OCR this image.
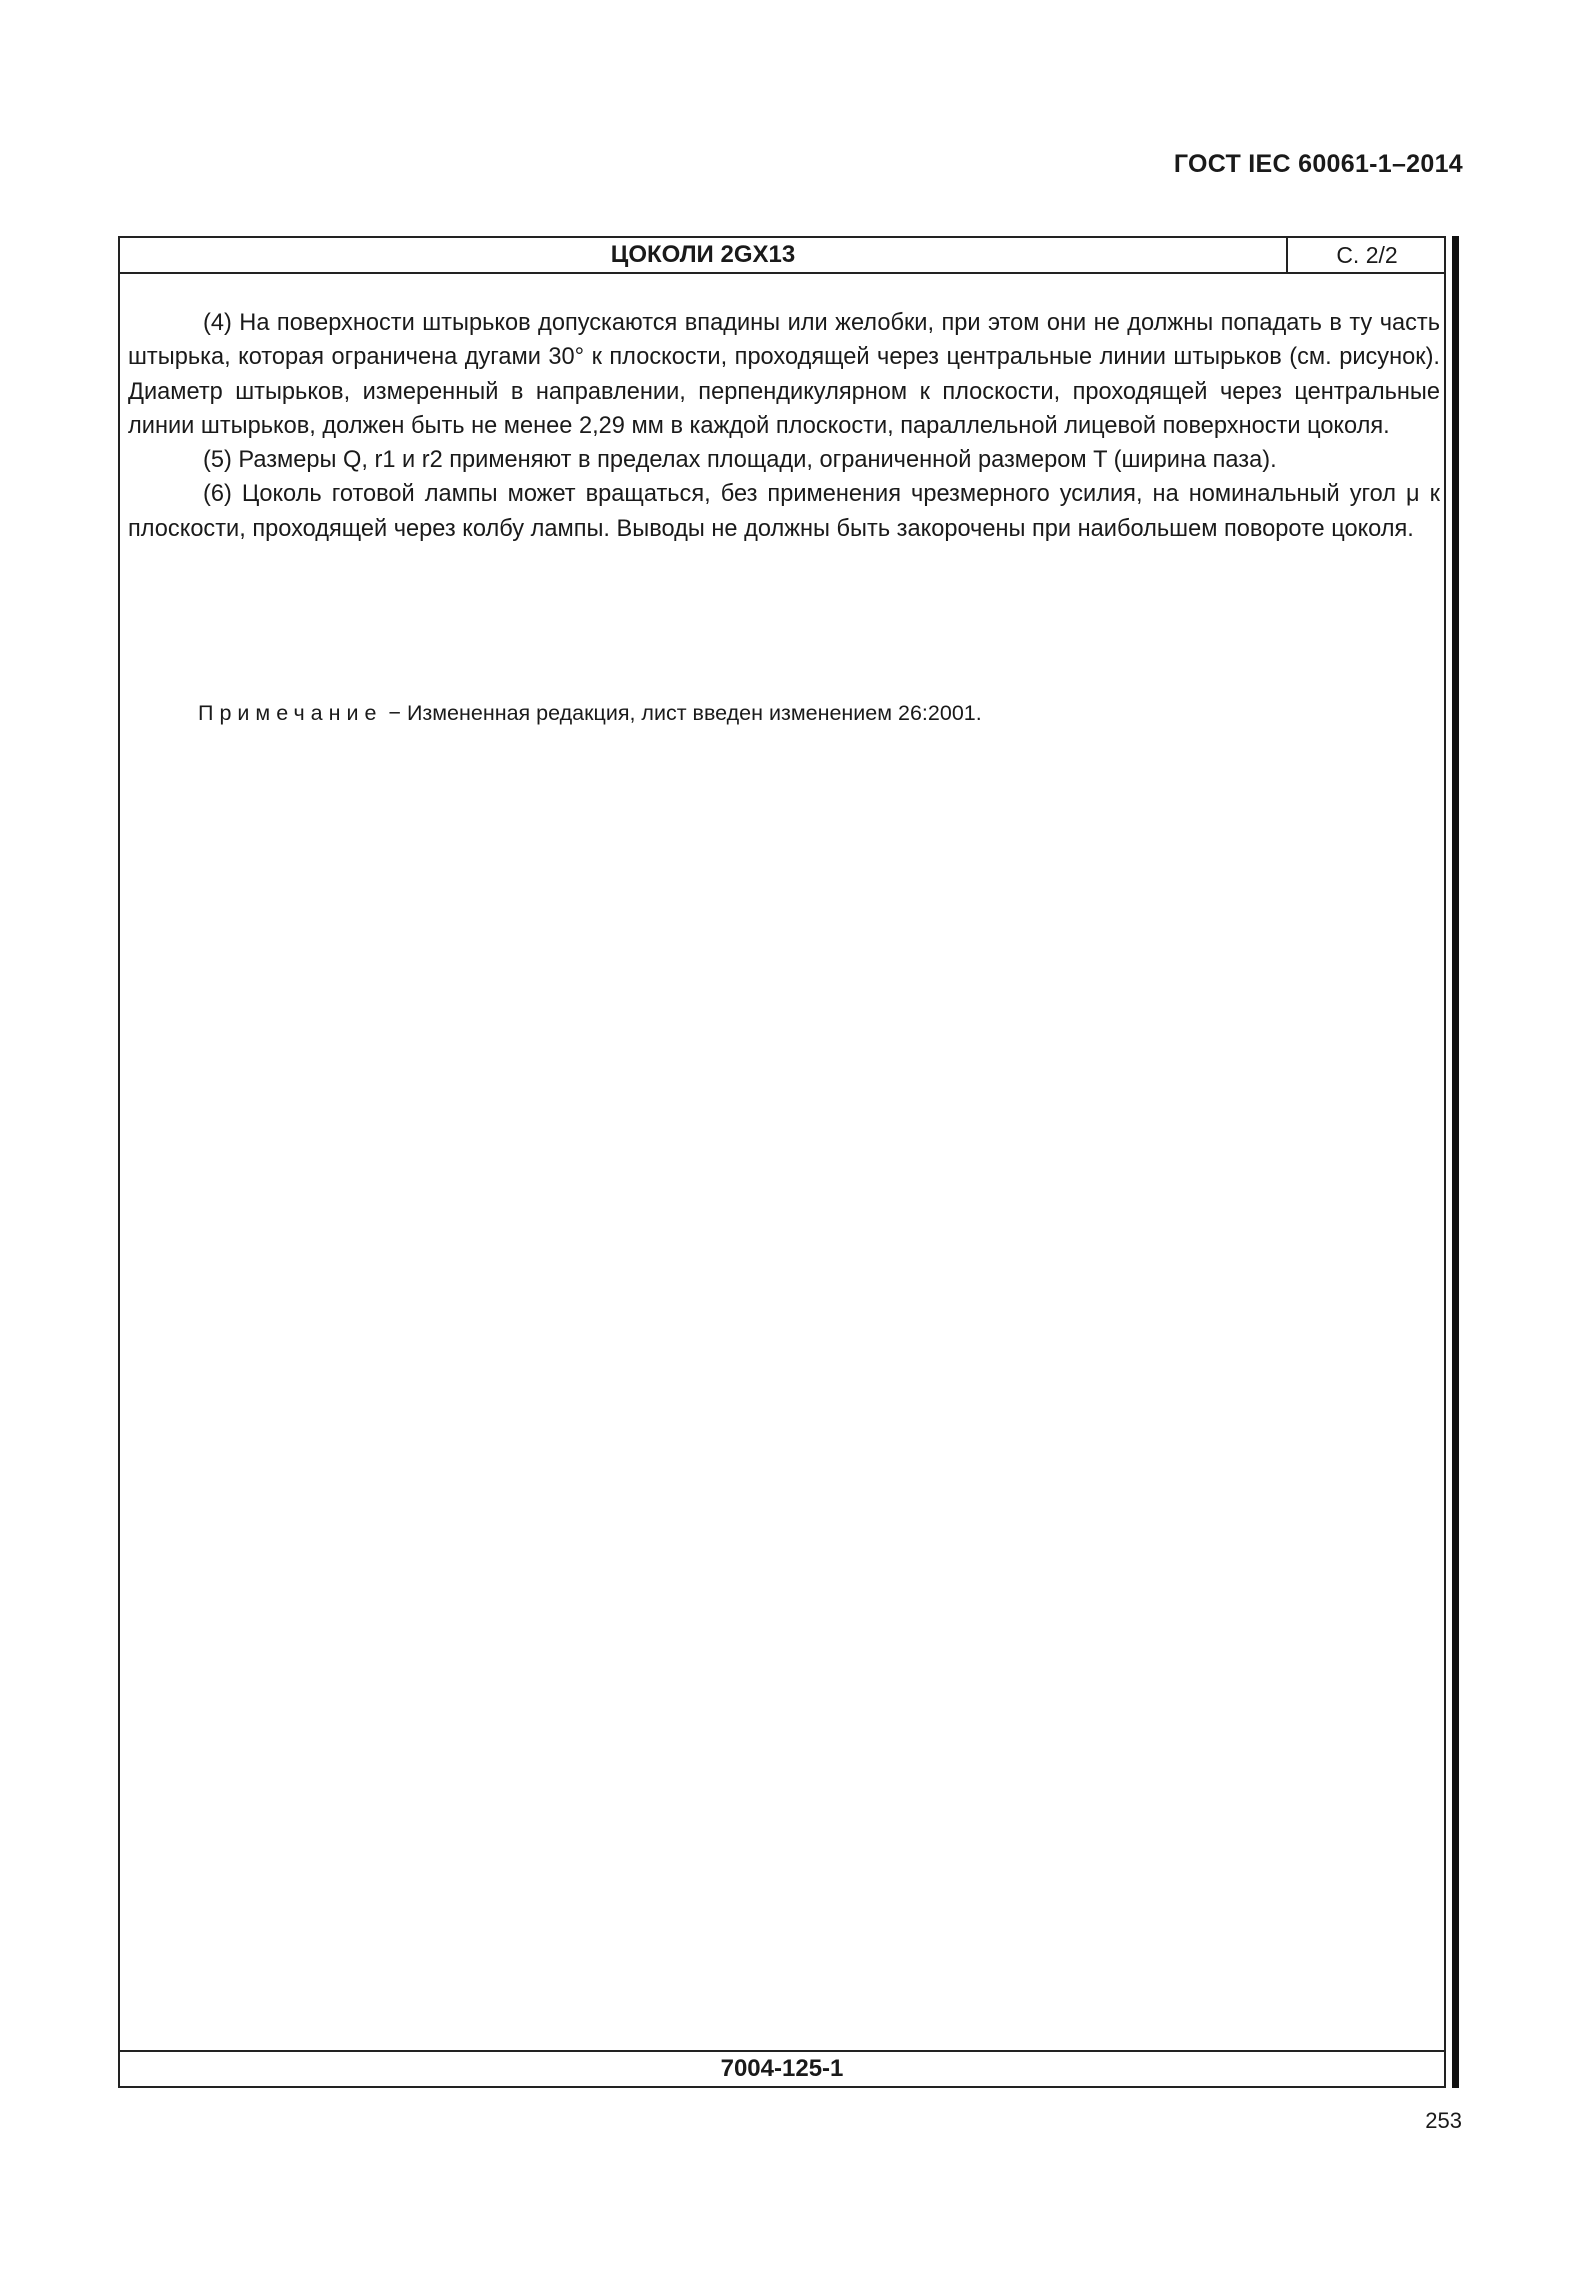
ГОСТ IEC 60061-1–2014
ЦОКОЛИ 2GX13	С. 2/2

(4) На поверхности штырьков допускаются впадины или желобки, при этом они не должны попадать в ту часть штырька, которая ограничена дугами 30° к плоскости, проходящей через центральные линии штырьков (см. рисунок). Диаметр штырьков, измеренный в направлении, перпендикулярном к плоскости, проходящей через центральные линии штырьков, должен быть не менее 2,29 мм в каждой плоскости, параллельной лицевой поверхности цоколя.

(5) Размеры Q, r1 и r2 применяют в пределах площади, ограниченной размером T (ширина паза).

(6) Цоколь готовой лампы может вращаться, без применения чрезмерного усилия, на номинальный угол μ к плоскости, проходящей через колбу лампы. Выводы не должны быть закорочены при наибольшем повороте цоколя.

Примечание − Измененная редакция, лист введен изменением 26:2001.
7004-125-1
253
